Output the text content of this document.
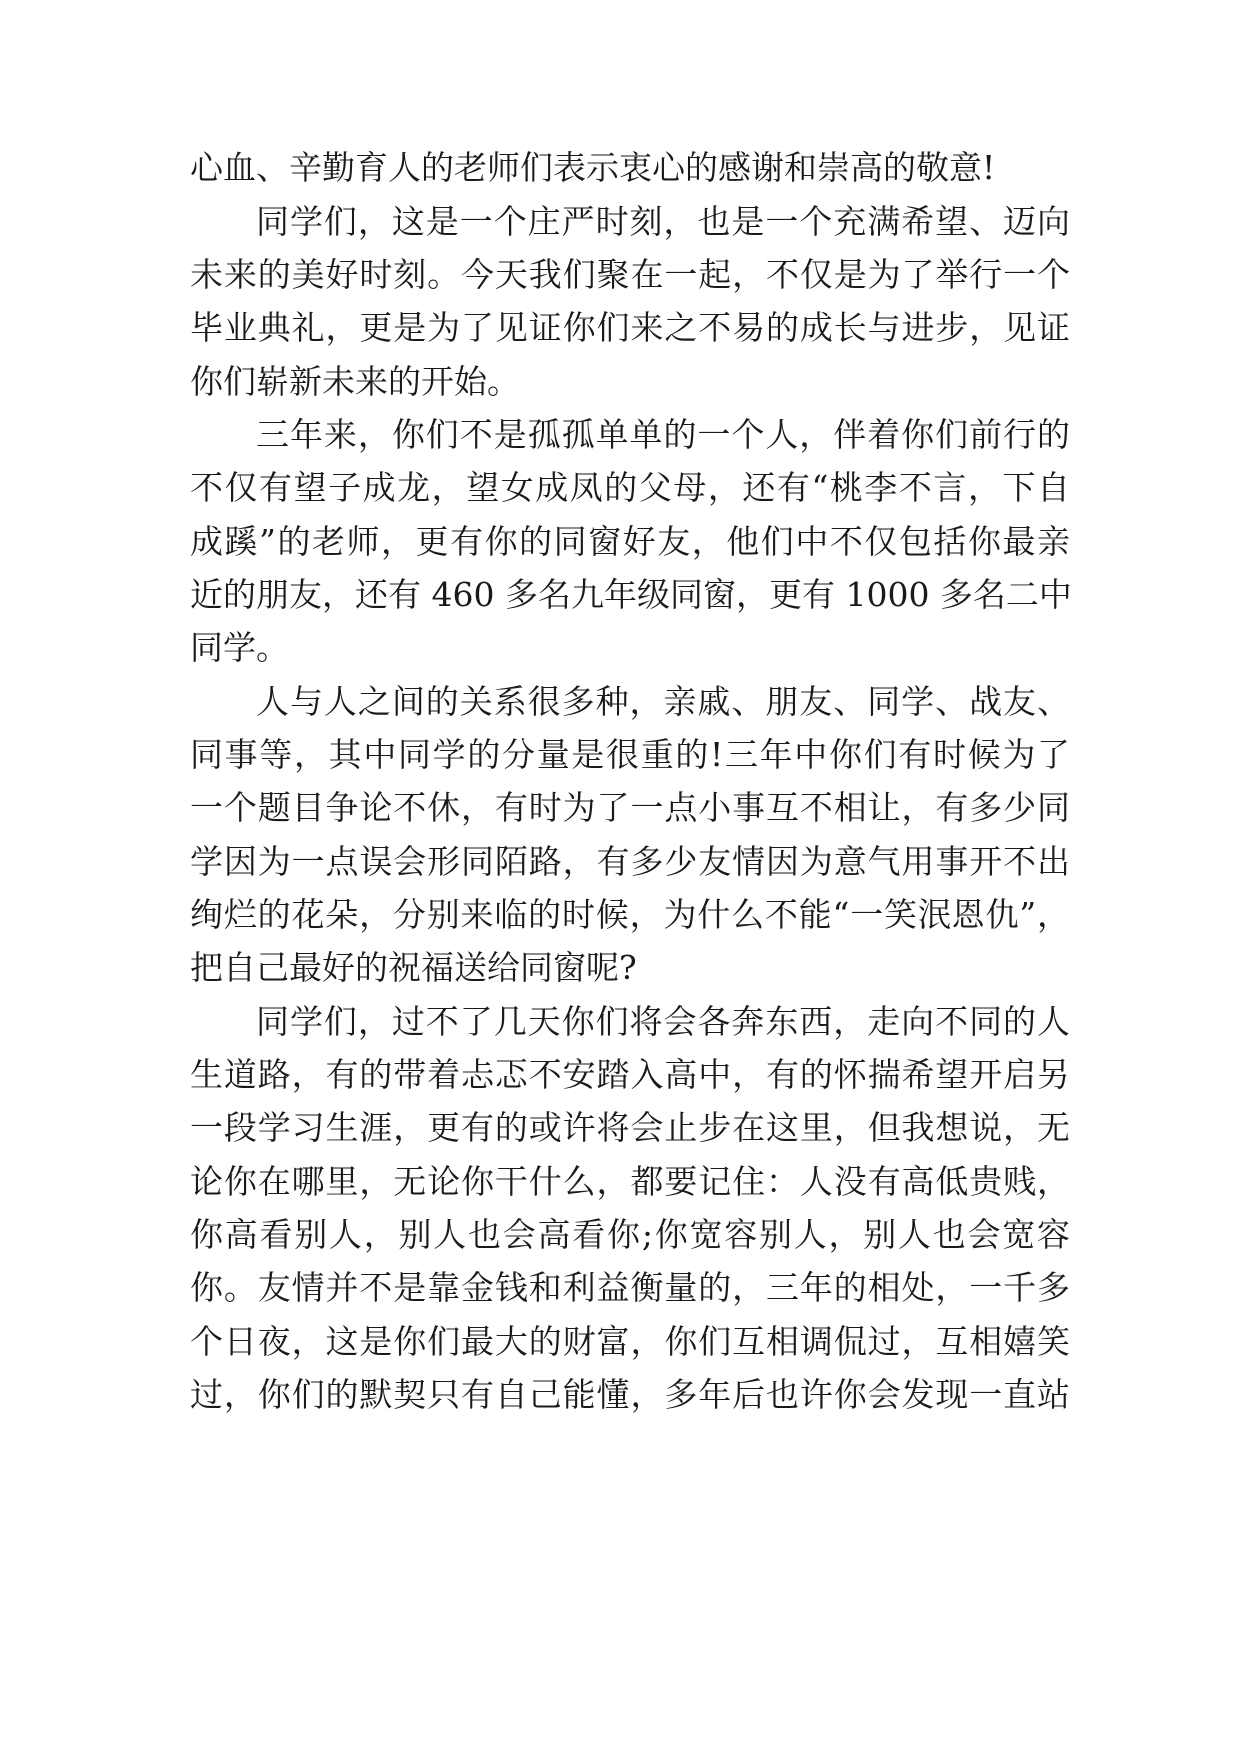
心血、辛勤育人的老师们表示衷心的感谢和崇高的敬意!
同学们，这是一个庄严时刻，也是一个充满希望、迈向
未来的美好时刻。今天我们聚在一起，不仅是为了举行一个
毕业典礼，更是为了见证你们来之不易的成长与进步，见证
你们崭新未来的开始。
三年来，你们不是孤孤单单的一个人，伴着你们前行的
不仅有望子成龙，望女成凤的父母，还有“桃李不言，下自
成蹊”的老师，更有你的同窗好友，他们中不仅包括你最亲
近的朋友，还有 460 多名九年级同窗，更有 1000 多名二中
同学。
人与人之间的关系很多种，亲戚、朋友、同学、战友、
同事等，其中同学的分量是很重的!三年中你们有时候为了
一个题目争论不休，有时为了一点小事互不相让，有多少同
学因为一点误会形同陌路，有多少友情因为意气用事开不出
绚烂的花朵，分别来临的时候，为什么不能“一笑泯恩仇”，
把自己最好的祝福送给同窗呢?
同学们，过不了几天你们将会各奔东西，走向不同的人
生道路，有的带着忐忑不安踏入高中，有的怀揣希望开启另
一段学习生涯，更有的或许将会止步在这里，但我想说，无
论你在哪里，无论你干什么，都要记住：人没有高低贵贱，
你高看别人，别人也会高看你;你宽容别人，别人也会宽容
你。友情并不是靠金钱和利益衡量的，三年的相处，一千多
个日夜，这是你们最大的财富，你们互相调侃过，互相嬉笑
过，你们的默契只有自己能懂，多年后也许你会发现一直站
